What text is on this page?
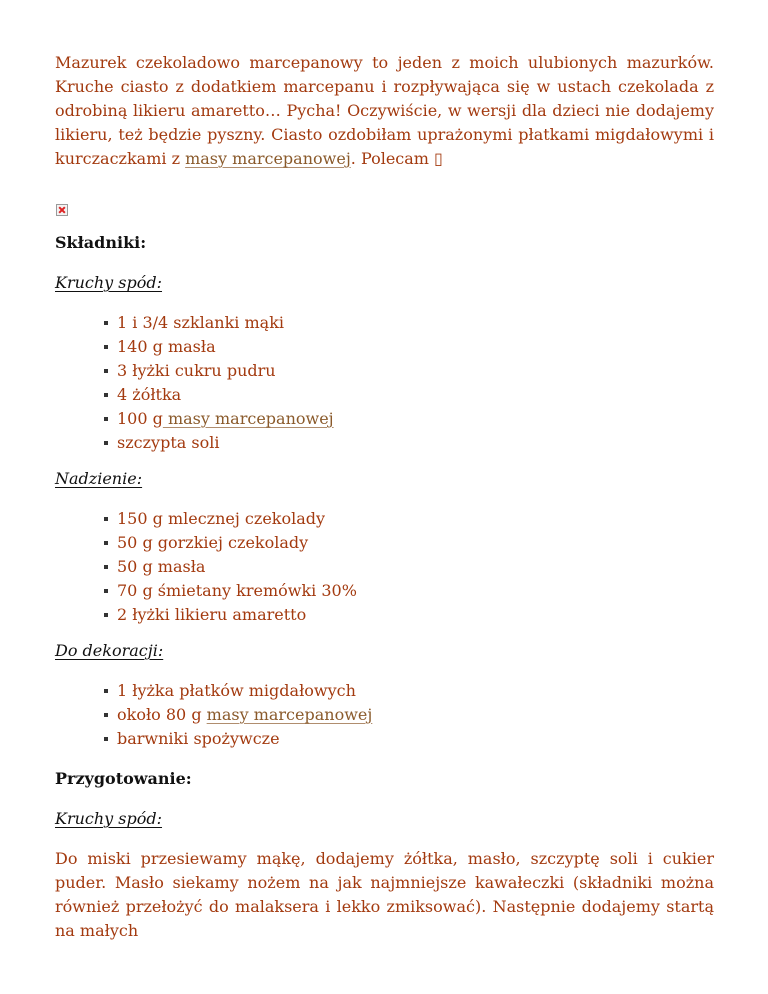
Mazurek czekoladowo marcepanowy to jeden z moich ulubionych mazurków. Kruche ciasto z dodatkiem marcepanu i rozpływająca się w ustach czekolada z odrobiną likieru amaretto… Pycha! Oczywiście, w wersji dla dzieci nie dodajemy likieru, też będzie pyszny. Ciasto ozdobiłam uprażonymi płatkami migdałowymi i kurczaczkami z masy marcepanowej. Polecam ▯

Składniki:

Kruchy spód:

1 i 3/4 szklanki mąki
140 g masła
3 łyżki cukru pudru
4 żółtka
100 g masy marcepanowej
szczypta soli

Nadzienie:

150 g mlecznej czekolady
50 g gorzkiej czekolady
50 g masła
70 g śmietany kremówki 30%
2 łyżki likieru amaretto

Do dekoracji:

1 łyżka płatków migdałowych
około 80 g masy marcepanowej
barwniki spożywcze

Przygotowanie:

Kruchy spód:

Do miski przesiewamy mąkę, dodajemy żółtka, masło, szczyptę soli i cukier puder. Masło siekamy nożem na jak najmniejsze kawałeczki (składniki można również przełożyć do malaksera i lekko zmiksować). Następnie dodajemy startą na małych
